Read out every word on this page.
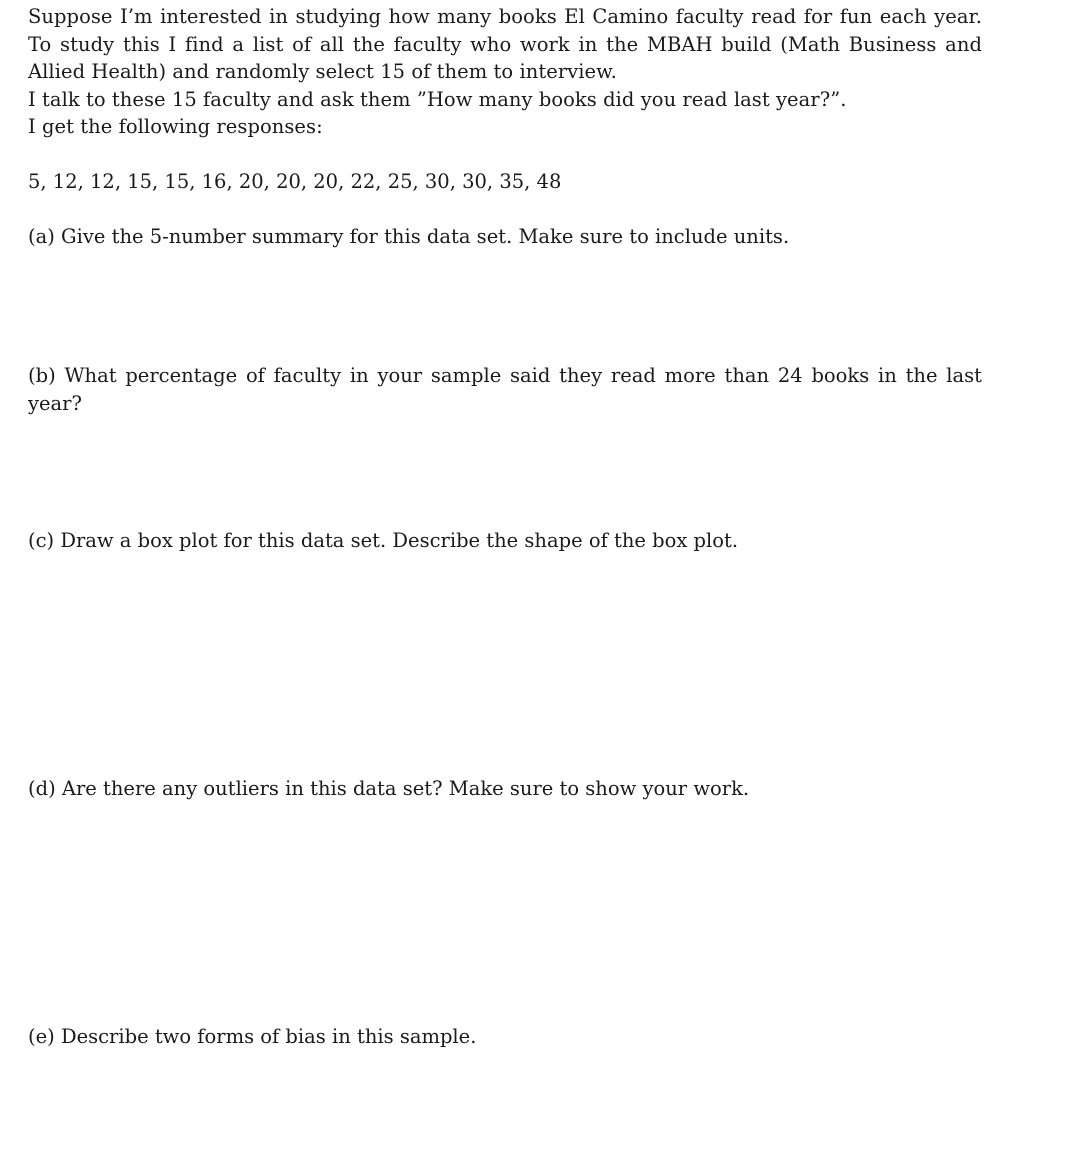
Suppose I’m interested in studying how many books El Camino faculty read for fun each year. To study this I find a list of all the faculty who work in the MBAH build (Math Business and Allied Health) and randomly select 15 of them to interview.

I talk to these 15 faculty and ask them ”How many books did you read last year?”.

I get the following responses:

5, 12, 12, 15, 15, 16, 20, 20, 20, 22, 25, 30, 30, 35, 48

(a) Give the 5-number summary for this data set. Make sure to include units.

(b) What percentage of faculty in your sample said they read more than 24 books in the last year?

(c) Draw a box plot for this data set. Describe the shape of the box plot.

(d) Are there any outliers in this data set? Make sure to show your work.

(e) Describe two forms of bias in this sample.
